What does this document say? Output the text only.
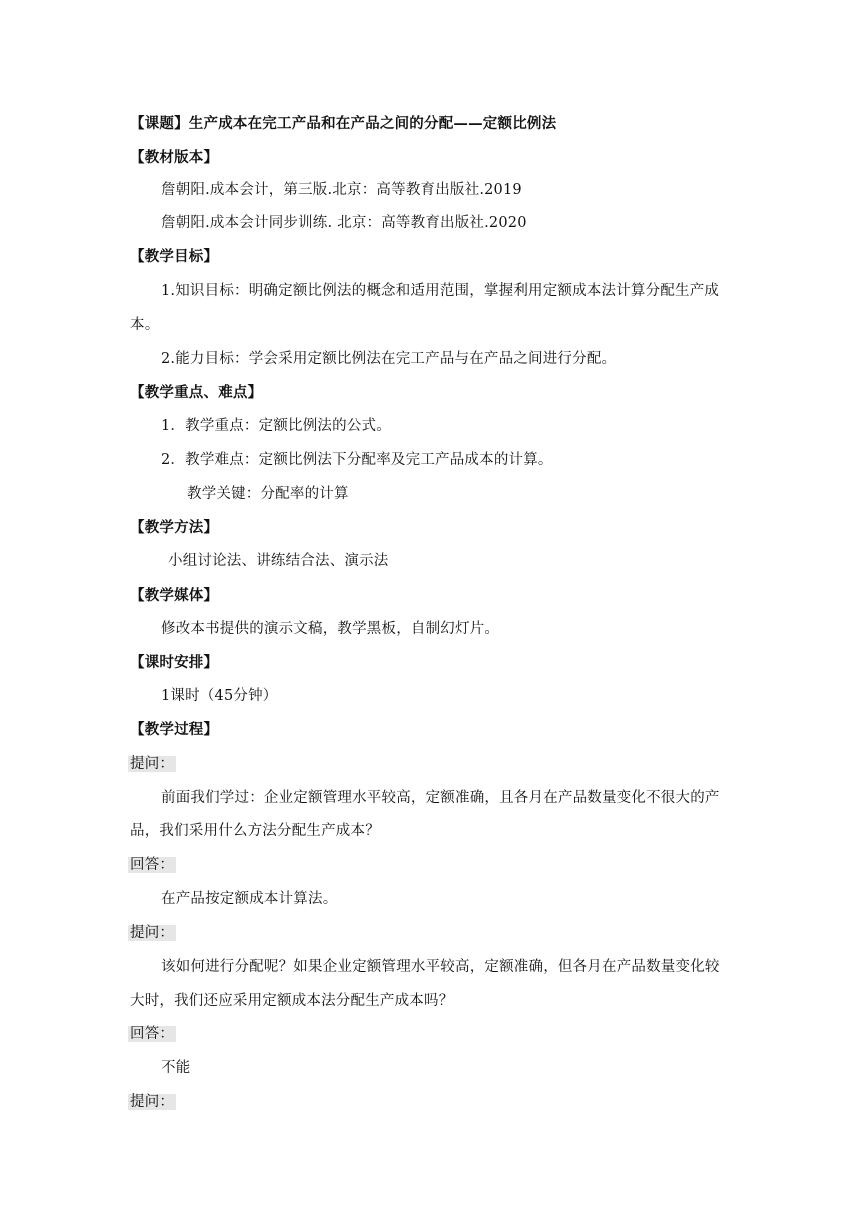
【课题】生产成本在完工产品和在产品之间的分配——定额比例法
【教材版本】
詹朝阳.成本会计，第三版.北京：高等教育出版社.2019
詹朝阳.成本会计同步训练. 北京：高等教育出版社.2020
【教学目标】
1.知识目标：明确定额比例法的概念和适用范围，掌握利用定额成本法计算分配生产成
本。
2.能力目标：学会采用定额比例法在完工产品与在产品之间进行分配。
【教学重点、难点】
1．教学重点：定额比例法的公式。
2．教学难点：定额比例法下分配率及完工产品成本的计算。
教学关键：分配率的计算
【教学方法】
小组讨论法、讲练结合法、演示法
【教学媒体】
修改本书提供的演示文稿，教学黑板，自制幻灯片。
【课时安排】
1课时（45分钟）
【教学过程】
提问：
前面我们学过：企业定额管理水平较高，定额准确，且各月在产品数量变化不很大的产
品，我们采用什么方法分配生产成本？
回答：
在产品按定额成本计算法。
提问：
该如何进行分配呢？如果企业定额管理水平较高，定额准确，但各月在产品数量变化较
大时，我们还应采用定额成本法分配生产成本吗？
回答：
不能
提问：
